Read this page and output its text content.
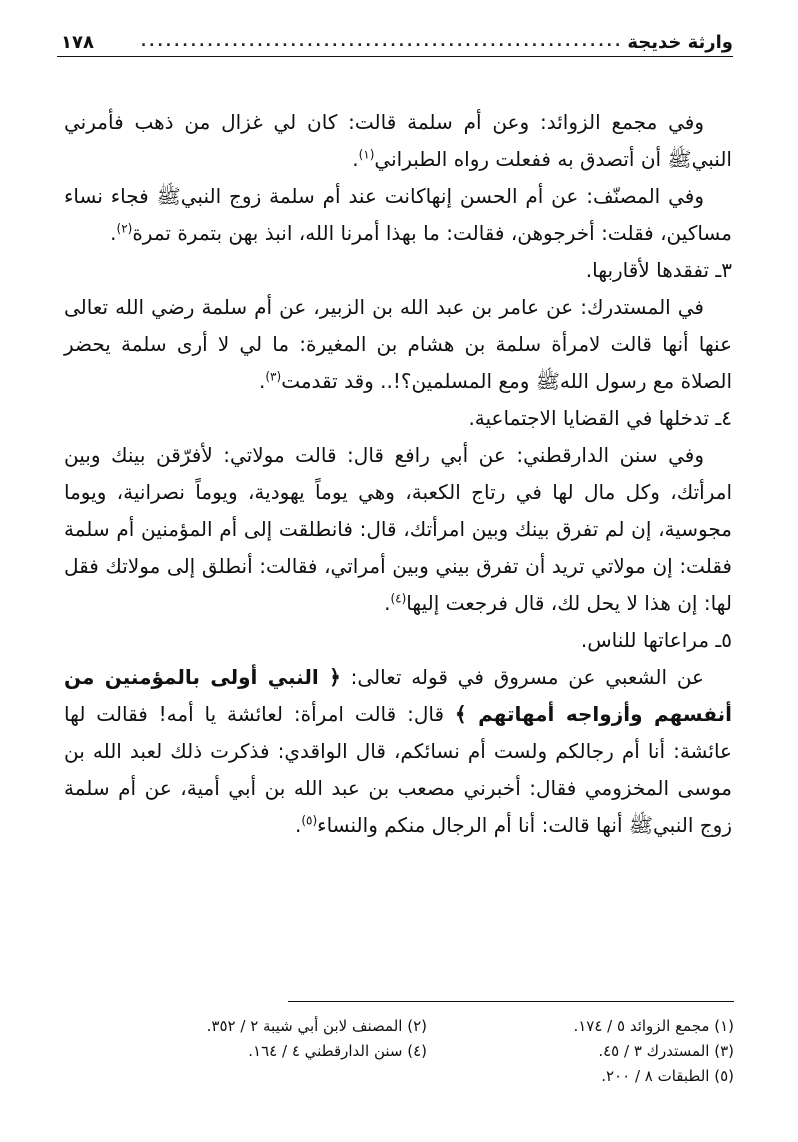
وارثة خديجة
..........................................................
١٧٨

وفي مجمع الزوائد: وعن أم سلمة قالت: كان لي غزال من ذهب فأمرني النبيﷺ أن أتصدق به ففعلت رواه الطبراني$^{(١)}$.

وفي المصنّف: عن أم الحسن إنهاكانت عند أم سلمة زوج النبيﷺ فجاء نساء مساكين، فقلت: أخرجوهن، فقالت: ما بهذا أمرنا الله، انبذ بهن بتمرة تمرة$^{(٢)}$.

٣ـ تفقدها لأقاربها.

في المستدرك: عن عامر بن عبد الله بن الزبير، عن أم سلمة رضي الله تعالى عنها أنها قالت لامرأة سلمة بن هشام بن المغيرة: ما لي لا أرى سلمة يحضر الصلاة مع رسول اللهﷺ ومع المسلمين؟!.. وقد تقدمت$^{(٣)}$.

٤ـ تدخلها في القضايا الاجتماعية.

وفي سنن الدارقطني: عن أبي رافع قال: قالت مولاتي: لأفرّقن بينك وبين امرأتك، وكل مال لها في رتاج الكعبة، وهي يوماً يهودية، ويوماً نصرانية، ويوما مجوسية، إن لم تفرق بينك وبين امرأتك، قال: فانطلقت إلى أم المؤمنين أم سلمة فقلت: إن مولاتي تريد أن تفرق بيني وبين أمراتي، فقالت: أنطلق إلى مولاتك فقل لها: إن هذا لا يحل لك، قال فرجعت إليها$^{(٤)}$.

٥ـ مراعاتها للناس.

عن الشعبي عن مسروق في قوله تعالى: ﴿ النبي أولى بالمؤمنين من أنفسهم وأزواجه أمهاتهم ﴾ قال: قالت امرأة: لعائشة يا أمه! فقالت لها عائشة: أنا أم رجالكم ولست أم نسائكم، قال الواقدي: فذكرت ذلك لعبد الله بن موسى المخزومي فقال: أخبرني مصعب بن عبد الله بن أبي أمية، عن أم سلمة زوج النبيﷺ أنها قالت: أنا أم الرجال منكم والنساء$^{(٥)}$.

(١) مجمع الزوائد ٥ / ١٧٤.
(٢) المصنف لابن أبي شيبة ٢ / ٣٥٢.
(٣) المستدرك ٣ / ٤٥.
(٤) سنن الدارقطني ٤ / ١٦٤.
(٥) الطبقات ٨ / ٢٠٠.
